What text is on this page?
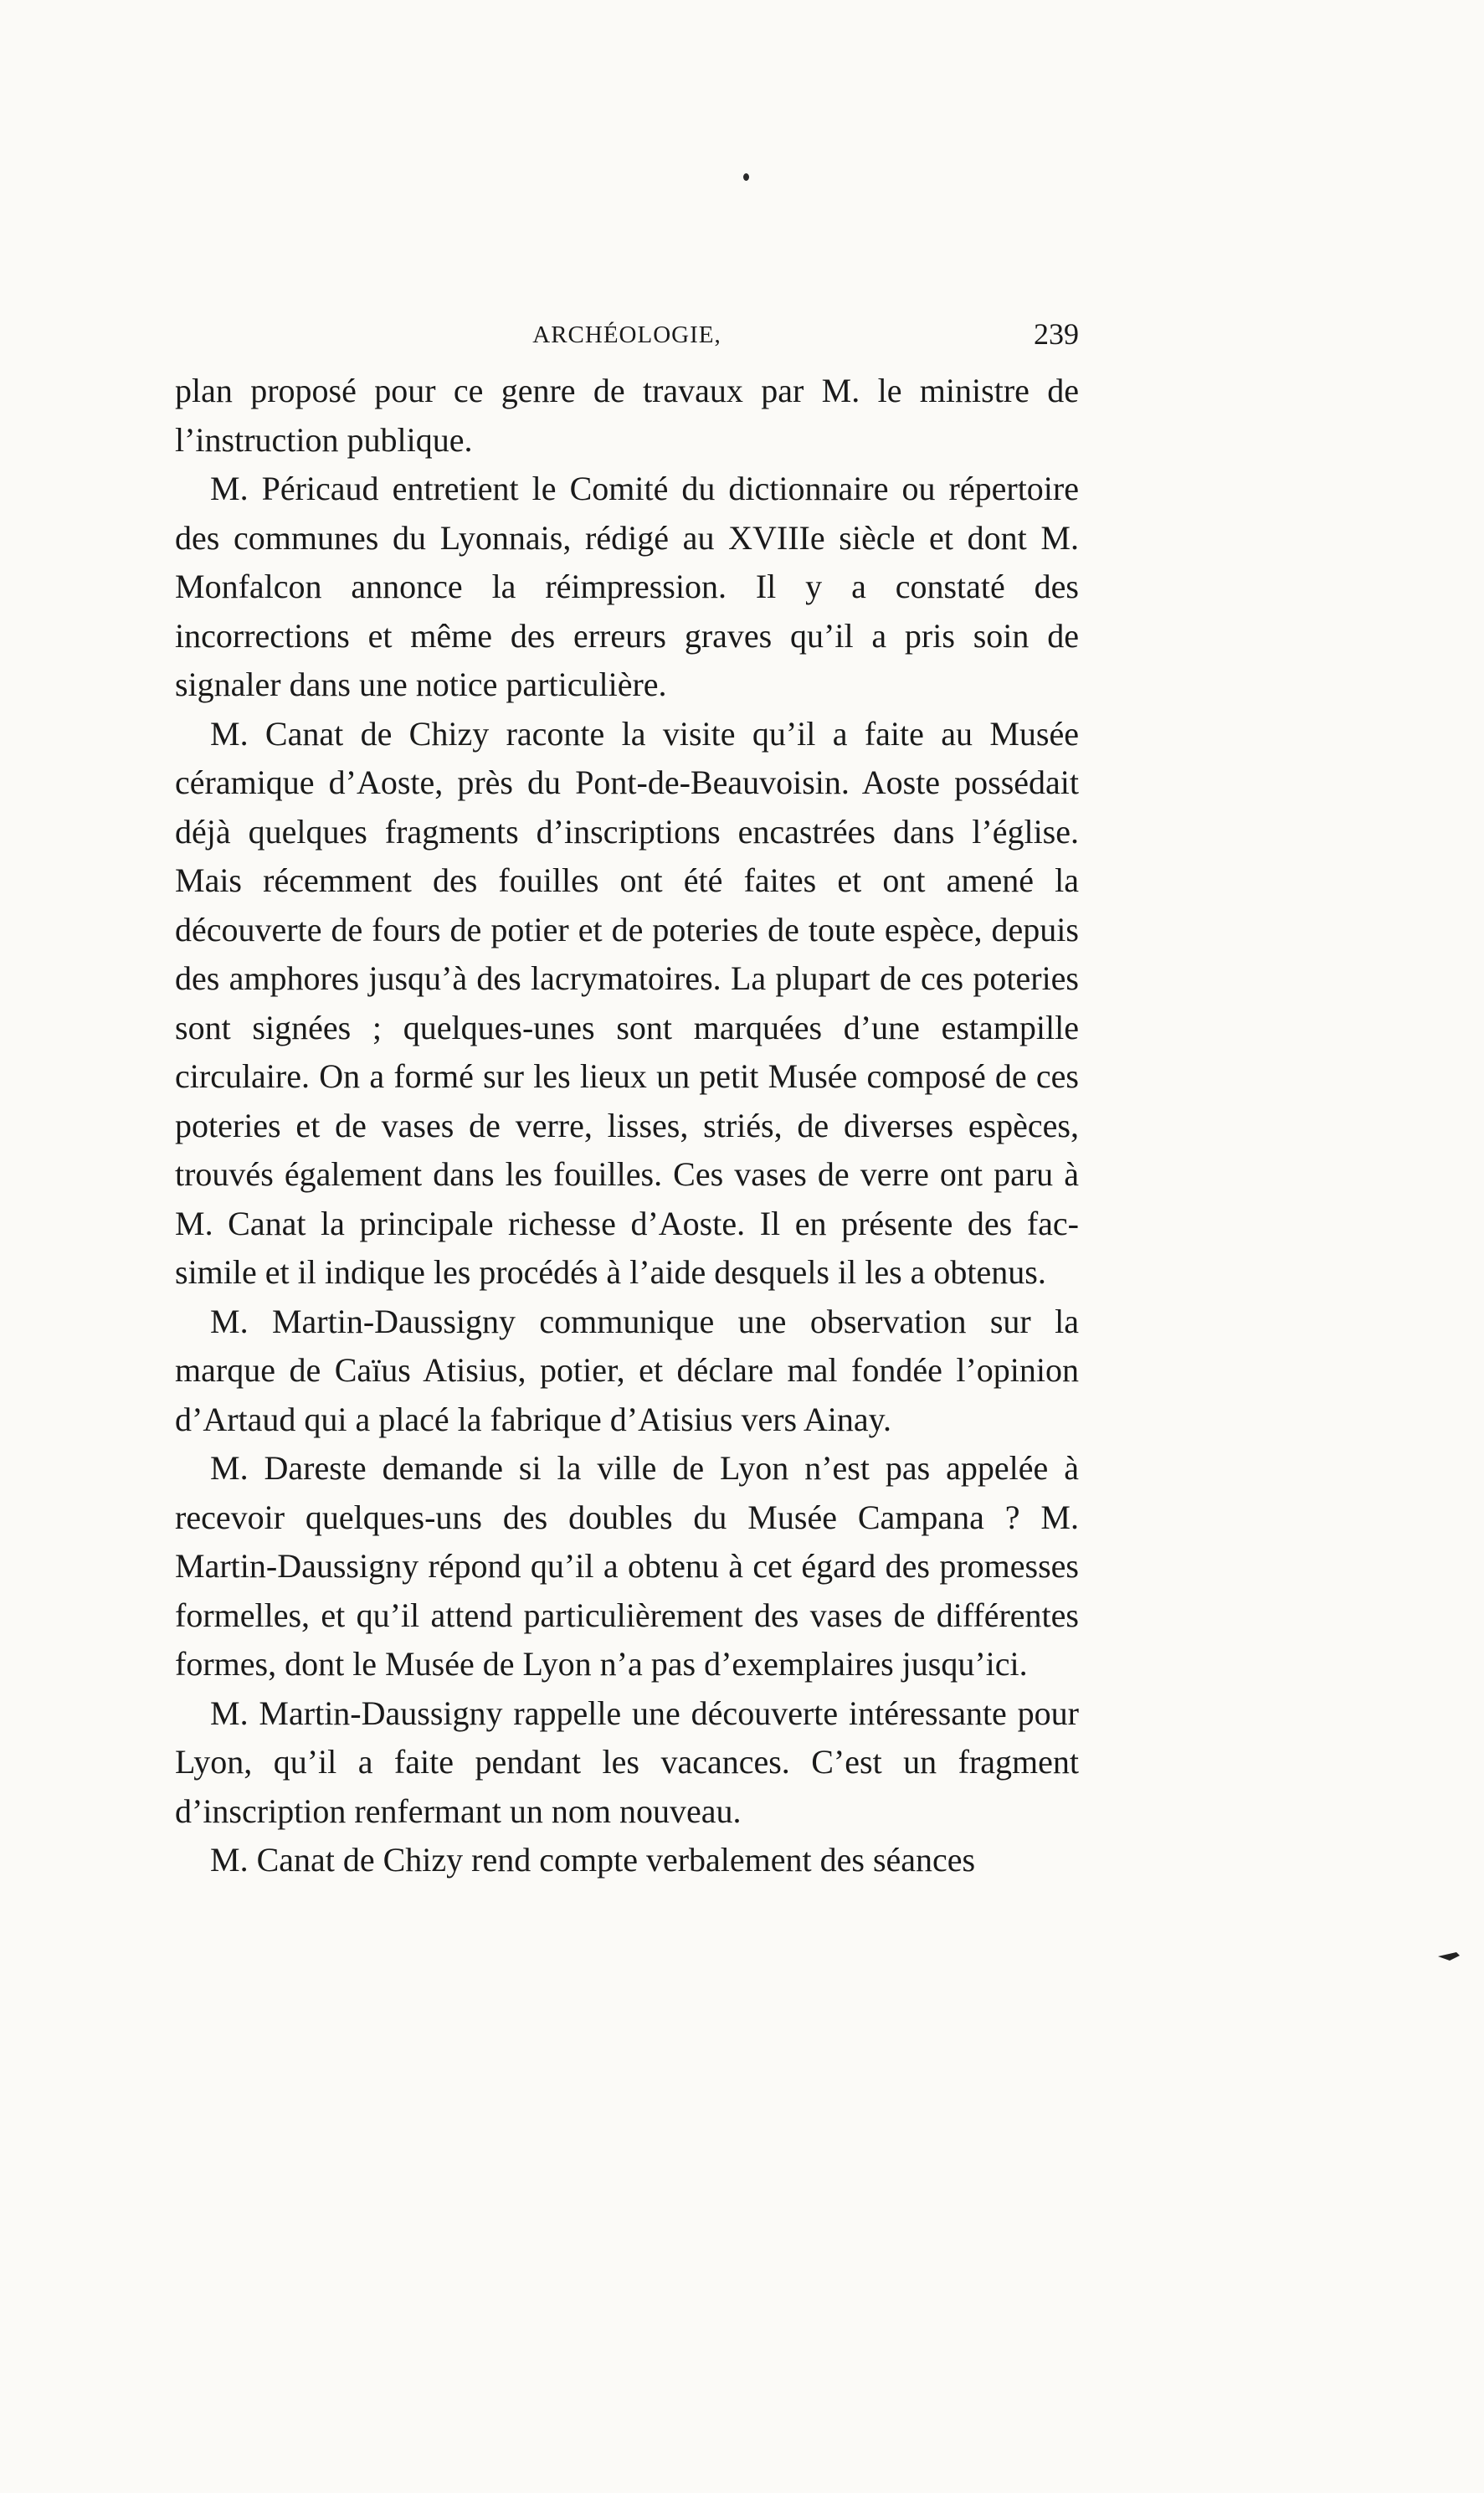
ARCHÉOLOGIE,	239

plan proposé pour ce genre de travaux par M. le ministre de l’instruction publique.

M. Péricaud entretient le Comité du dictionnaire ou répertoire des communes du Lyonnais, rédigé au XVIIIe siècle et dont M. Monfalcon annonce la réimpression. Il y a constaté des incorrections et même des erreurs graves qu’il a pris soin de signaler dans une notice particulière.

M. Canat de Chizy raconte la visite qu’il a faite au Musée céramique d’Aoste, près du Pont-de-Beauvoisin. Aoste possédait déjà quelques fragments d’inscriptions encastrées dans l’église. Mais récemment des fouilles ont été faites et ont amené la découverte de fours de potier et de poteries de toute espèce, depuis des amphores jusqu’à des lacrymatoires. La plupart de ces poteries sont signées ; quelques-unes sont marquées d’une estampille circulaire. On a formé sur les lieux un petit Musée composé de ces poteries et de vases de verre, lisses, striés, de diverses espèces, trouvés également dans les fouilles. Ces vases de verre ont paru à M. Canat la principale richesse d’Aoste. Il en présente des fac-simile et il indique les procédés à l’aide desquels il les a obtenus.

M. Martin-Daussigny communique une observation sur la marque de Caïus Atisius, potier, et déclare mal fondée l’opinion d’Artaud qui a placé la fabrique d’Atisius vers Ainay.

M. Dareste demande si la ville de Lyon n’est pas appelée à recevoir quelques-uns des doubles du Musée Campana ? M. Martin-Daussigny répond qu’il a obtenu à cet égard des promesses formelles, et qu’il attend particulièrement des vases de différentes formes, dont le Musée de Lyon n’a pas d’exemplaires jusqu’ici.

M. Martin-Daussigny rappelle une découverte intéressante pour Lyon, qu’il a faite pendant les vacances. C’est un fragment d’inscription renfermant un nom nouveau.

M. Canat de Chizy rend compte verbalement des séances
